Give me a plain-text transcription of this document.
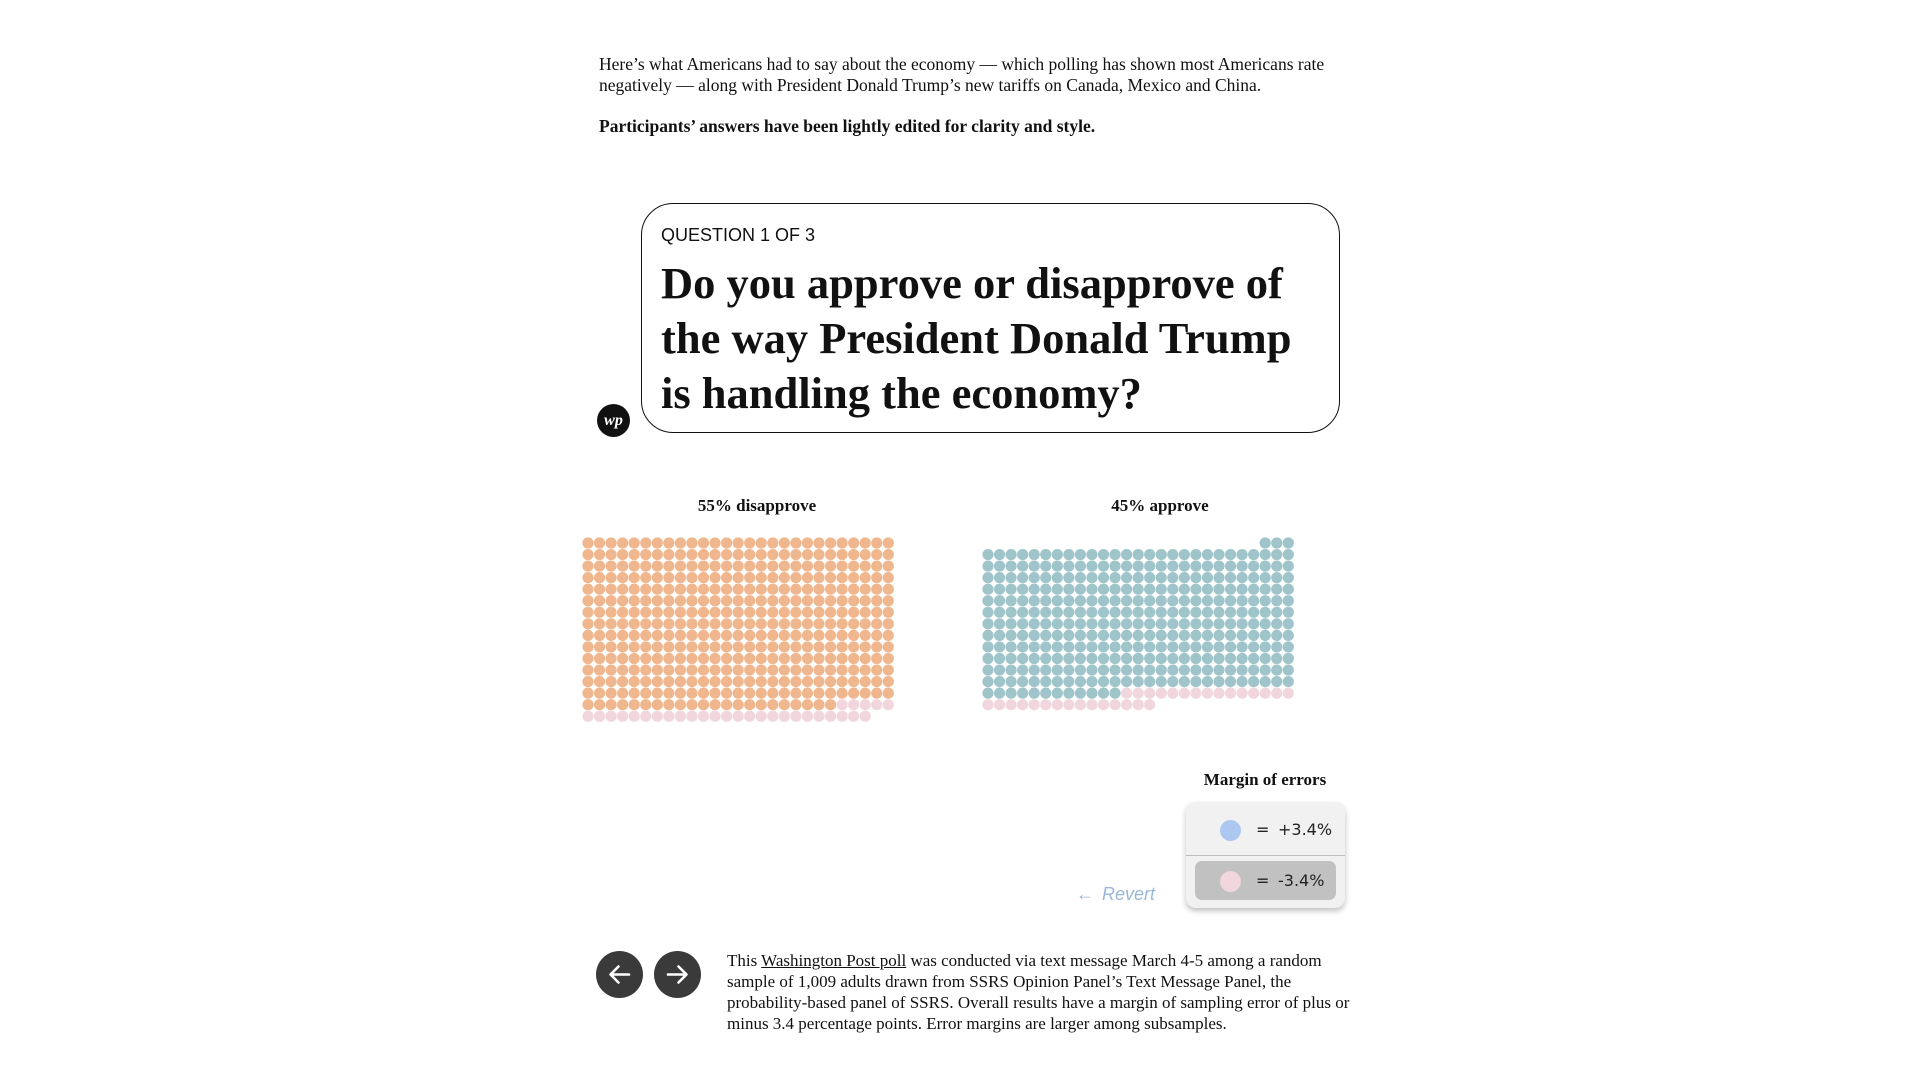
Here’s what Americans had to say about the economy — which polling has shown most Americans rate negatively — along with President Donald Trump’s new tariffs on Canada, Mexico and China.

Participants’ answers have been lightly edited for clarity and style.

QUESTION 1 OF 3
Do you approve or disapprove of the way President Donald Trump is handling the economy?
wp
55% disapprove	45% approve
Margin of errors
= +3.4%
= -3.4%
← Revert
This Washington Post poll was conducted via text message March 4-5 among a random sample of 1,009 adults drawn from SSRS Opinion Panel’s Text Message Panel, the probability-based panel of SSRS. Overall results have a margin of sampling error of plus or minus 3.4 percentage points. Error margins are larger among subsamples.
